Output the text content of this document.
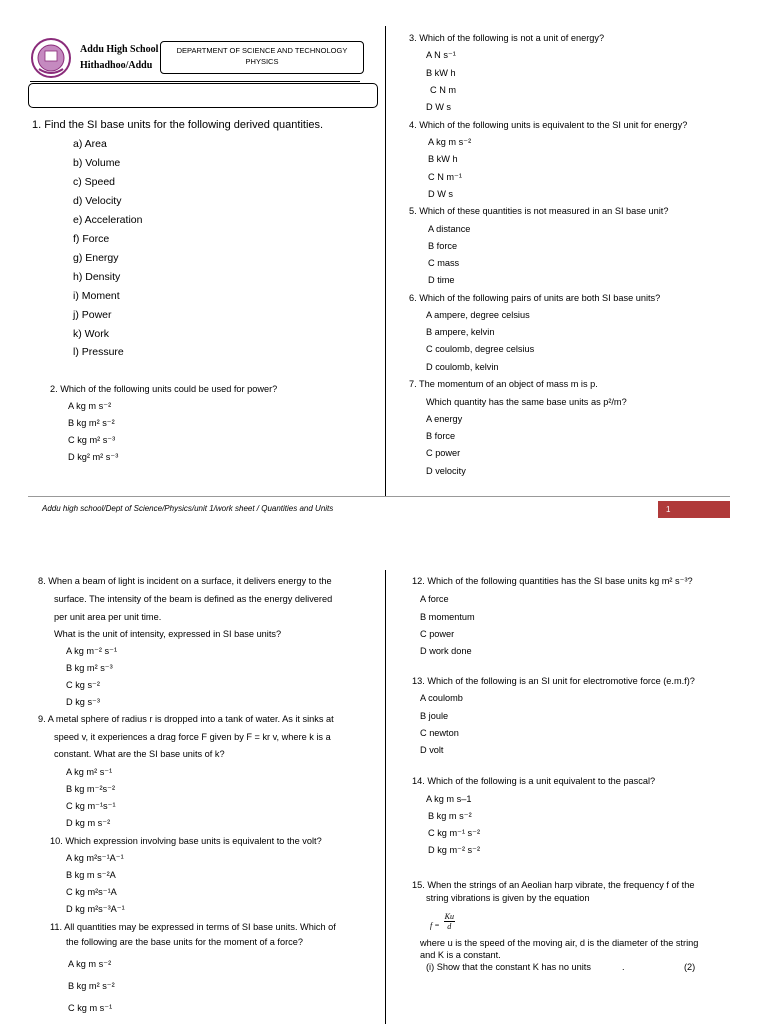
Addu High School
Hithadhoo/Addu
DEPARTMENT OF SCIENCE AND TECHNOLOGY
PHYSICS
1. Find the SI base units for the following derived quantities.
a) Area
b) Volume
c) Speed
d) Velocity
e) Acceleration
f) Force
g) Energy
h) Density
i) Moment
j) Power
k) Work
l) Pressure
2. Which of the following units could be used for power?
A kg m s⁻²
B kg m² s⁻²
C kg m² s⁻³
D kg² m² s⁻³
3. Which of the following is not a unit of energy?
A N s⁻¹
B kW h
C N m
D W s
4. Which of the following units is equivalent to the SI unit for energy?
A kg m s⁻²
B kW h
C N m⁻¹
D W s
5. Which of these quantities is not measured in an SI base unit?
A distance
B force
C mass
D time
6. Which of the following pairs of units are both SI base units?
A ampere, degree celsius
B ampere, kelvin
C coulomb, degree celsius
D coulomb, kelvin
7. The momentum of an object of mass m is p.
Which quantity has the same base units as p²/m?
A energy
B force
C power
D velocity
Addu high school/Dept of Science/Physics/unit 1/work sheet / Quantities and Units	1
8. When a beam of light is incident on a surface, it delivers energy to the
surface. The intensity of the beam is defined as the energy delivered
per unit area per unit time.
What is the unit of intensity, expressed in SI base units?
A kg m⁻² s⁻¹
B kg m² s⁻³
C kg s⁻²
D kg s⁻³
9. A metal sphere of radius r is dropped into a tank of water. As it sinks at
speed v, it experiences a drag force F given by F = kr v, where k is a
constant. What are the SI base units of k?
A kg m² s⁻¹
B kg m⁻²s⁻²
C kg m⁻¹s⁻¹
D kg m s⁻²
10. Which expression involving base units is equivalent to the volt?
A kg m²s⁻¹A⁻¹
B kg m s⁻²A
C kg m²s⁻¹A
D kg m²s⁻³A⁻¹
11. All quantities may be expressed in terms of SI base units. Which of
the following are the base units for the moment of a force?
A kg m s⁻²
B kg m² s⁻²
C kg m s⁻¹
12. Which of the following quantities has the SI base units kg m² s⁻³?
A force
B momentum
C power
D work done
13. Which of the following is an SI unit for electromotive force (e.m.f)?
A coulomb
B joule
C newton
D volt
14. Which of the following is a unit equivalent to the pascal?
A kg m s–1
B kg m s⁻²
C kg m⁻¹ s⁻²
D kg m⁻² s⁻²
15. When the strings of an Aeolian harp vibrate, the frequency f of the
string vibrations is given by the equation
$f = \frac{Ku}{d}$
where u is the speed of the moving air, d is the diameter of the string
and K is a constant.
(i) Show that the constant K has no units	.	(2)
